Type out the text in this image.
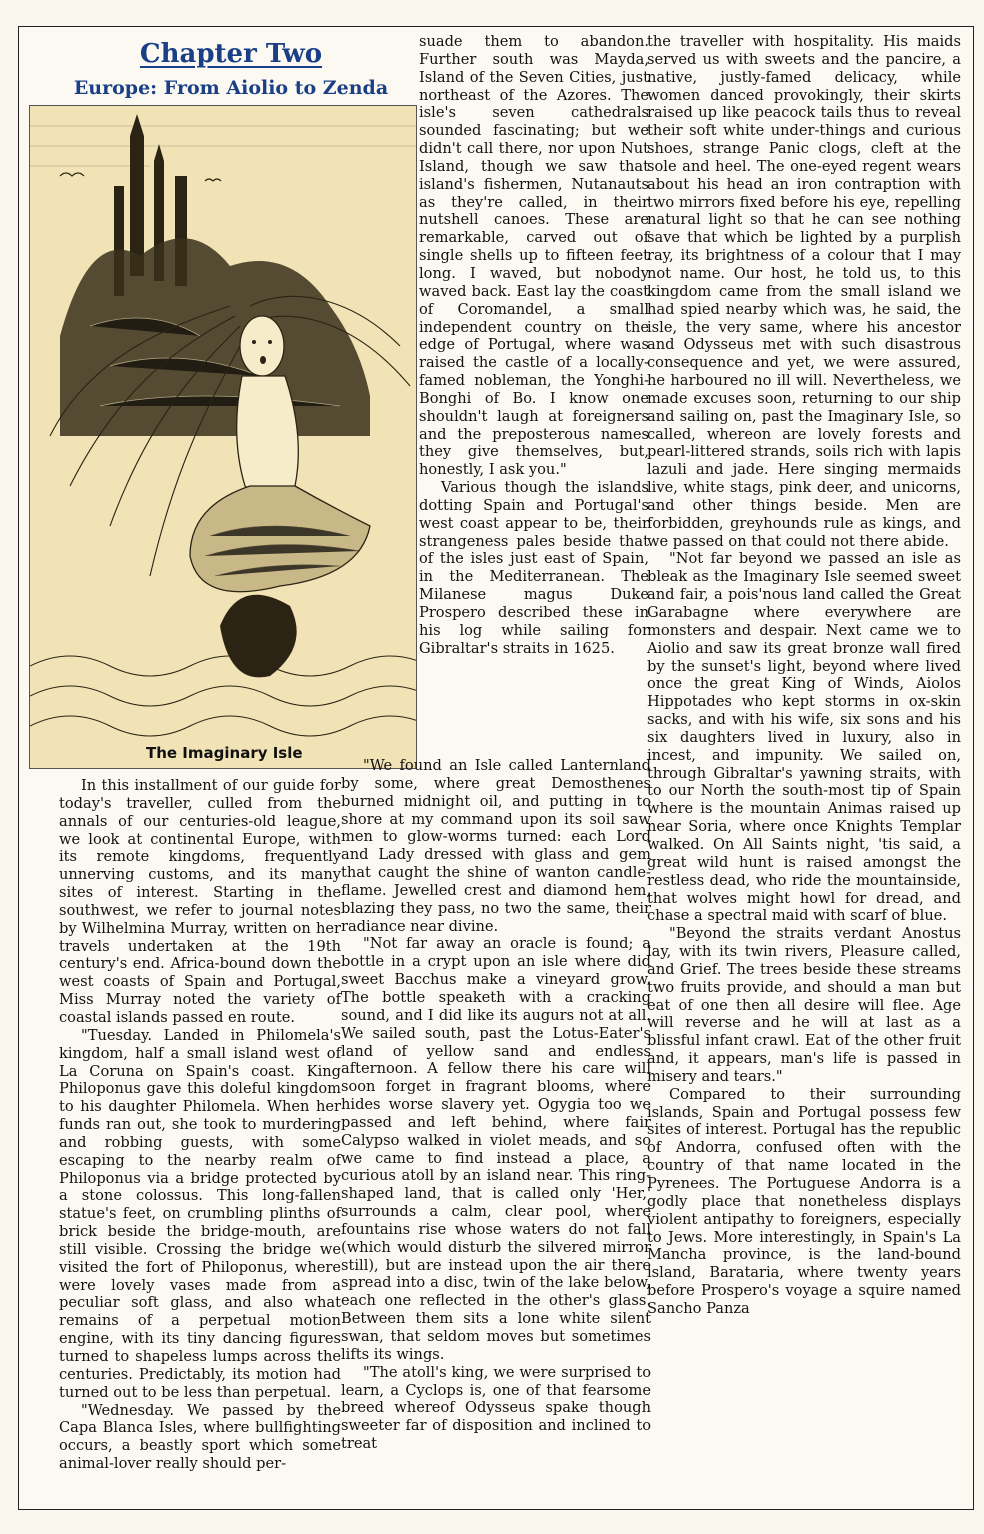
Chapter Two
Europe: From Aiolio to Zenda
The Imaginary Isle

suade them to abandon. Further south was Mayda, Island of the Seven Cities, just northeast of the Azores. The isle's seven cathedrals sounded fascinating; but we didn't call there, nor upon Nut Island, though we saw that island's fishermen, Nutanauts as they're called, in their nutshell canoes. These are remarkable, carved out of single shells up to fifteen feet long. I waved, but nobody waved back. East lay the coast of Coromandel, a small independent country on the edge of Portugal, where was raised the castle of a locally-famed nobleman, the Yonghi-Bonghi of Bo. I know one shouldn't laugh at foreigners and the preposterous names they give themselves, but, honestly, I ask you."

Various though the islands dotting Spain and Portugal's west coast appear to be, their strangeness pales beside that of the isles just east of Spain, in the Mediterranean. The Milanese magus Duke Prospero described these in his log while sailing for Gibraltar's straits in 1625.

In this installment of our guide for today's traveller, culled from the annals of our centuries-old league, we look at continental Europe, with its remote kingdoms, frequently unnerving customs, and its many sites of interest. Starting in the southwest, we refer to journal notes by Wilhelmina Murray, written on her travels undertaken at the 19th century's end. Africa-bound down the west coasts of Spain and Portugal, Miss Murray noted the variety of coastal islands passed en route.

"Tuesday. Landed in Philomela's kingdom, half a small island west of La Coruna on Spain's coast. King Philoponus gave this doleful kingdom to his daughter Philomela. When her funds ran out, she took to murdering and robbing guests, with some escaping to the nearby realm of Philoponus via a bridge protected by a stone colossus. This long-fallen statue's feet, on crumbling plinths of brick beside the bridge-mouth, are still visible. Crossing the bridge we visited the fort of Philoponus, where were lovely vases made from a peculiar soft glass, and also what remains of a perpetual motion engine, with its tiny dancing figures turned to shapeless lumps across the centuries. Predictably, its motion had turned out to be less than perpetual.

"Wednesday. We passed by the Capa Blanca Isles, where bullfighting occurs, a beastly sport which some animal-lover really should per-

"We found an Isle called Lanternland by some, where great Demosthenes burned midnight oil, and putting in to shore at my command upon its soil saw men to glow-worms turned: each Lord and Lady dressed with glass and gem that caught the shine of wanton candle-flame. Jewelled crest and diamond hem, blazing they pass, no two the same, their radiance near divine.

"Not far away an oracle is found; a bottle in a crypt upon an isle where did sweet Bacchus make a vineyard grow. The bottle speaketh with a cracking sound, and I did like its augurs not at all. We sailed south, past the Lotus-Eater's land of yellow sand and endless afternoon. A fellow there his care will soon forget in fragrant blooms, where hides worse slavery yet. Ogygia too we passed and left behind, where fair Calypso walked in violet meads, and so we came to find instead a place, a curious atoll by an island near. This ring-shaped land, that is called only 'Her,' surrounds a calm, clear pool, where fountains rise whose waters do not fall (which would disturb the silvered mirror still), but are instead upon the air there spread into a disc, twin of the lake below, each one reflected in the other's glass. Between them sits a lone white silent swan, that seldom moves but sometimes lifts its wings.

"The atoll's king, we were surprised to learn, a Cyclops is, one of that fearsome breed whereof Odysseus spake though sweeter far of disposition and inclined to treat

the traveller with hospitality. His maids served us with sweets and the pancire, a native, justly-famed delicacy, while women danced provokingly, their skirts raised up like peacock tails thus to reveal their soft white under-things and curious shoes, strange Panic clogs, cleft at the sole and heel. The one-eyed regent wears about his head an iron contraption with two mirrors fixed before his eye, repelling natural light so that he can see nothing save that which be lighted by a purplish ray, its brightness of a colour that I may not name. Our host, he told us, to this kingdom came from the small island we had spied nearby which was, he said, the isle, the very same, where his ancestor and Odysseus met with such disastrous consequence and yet, we were assured, he harboured no ill will. Nevertheless, we made excuses soon, returning to our ship and sailing on, past the Imaginary Isle, so called, whereon are lovely forests and pearl-littered strands, soils rich with lapis lazuli and jade. Here singing mermaids live, white stags, pink deer, and unicorns, and other things beside. Men are forbidden, greyhounds rule as kings, and we passed on that could not there abide.

"Not far beyond we passed an isle as bleak as the Imaginary Isle seemed sweet and fair, a pois'nous land called the Great Garabagne where everywhere are monsters and despair. Next came we to Aiolio and saw its great bronze wall fired by the sunset's light, beyond where lived once the great King of Winds, Aiolos Hippotades who kept storms in ox-skin sacks, and with his wife, six sons and his six daughters lived in luxury, also in incest, and impunity. We sailed on, through Gibraltar's yawning straits, with to our North the south-most tip of Spain where is the mountain Animas raised up near Soria, where once Knights Templar walked. On All Saints night, 'tis said, a great wild hunt is raised amongst the restless dead, who ride the mountainside, that wolves might howl for dread, and chase a spectral maid with scarf of blue.

"Beyond the straits verdant Anostus lay, with its twin rivers, Pleasure called, and Grief. The trees beside these streams two fruits provide, and should a man but eat of one then all desire will flee. Age will reverse and he will at last as a blissful infant crawl. Eat of the other fruit and, it appears, man's life is passed in misery and tears."

Compared to their surrounding islands, Spain and Portugal possess few sites of interest. Portugal has the republic of Andorra, confused often with the country of that name located in the Pyrenees. The Portuguese Andorra is a godly place that nonetheless displays violent antipathy to foreigners, especially to Jews. More interestingly, in Spain's La Mancha province, is the land-bound island, Barataria, where twenty years before Prospero's voyage a squire named Sancho Panza
